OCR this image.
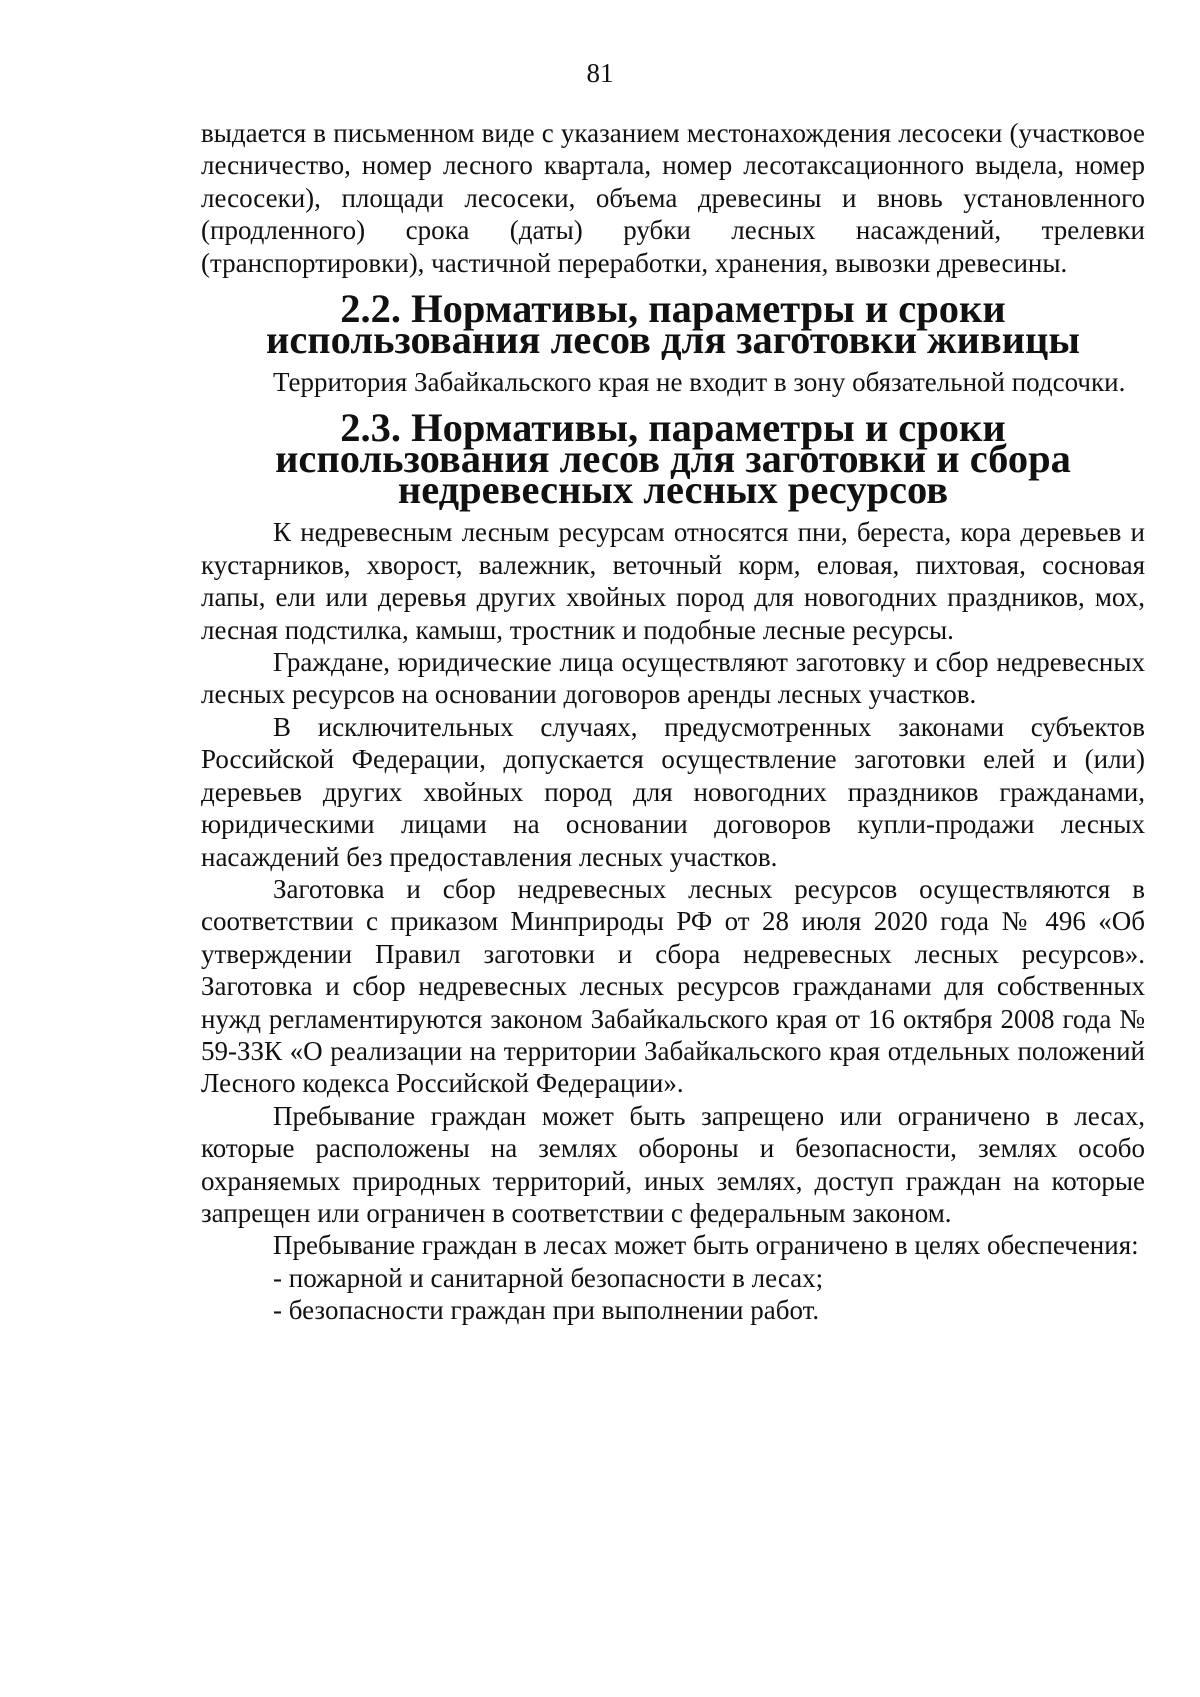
81

выдается в письменном виде с указанием местонахождения лесосеки (участковое лесничество, номер лесного квартала, номер лесотаксационного выдела, номер лесосеки), площади лесосеки, объема древесины и вновь установленного (продленного) срока (даты) рубки лесных насаждений, трелевки (транспортировки), частичной переработки, хранения, вывозки древесины.

2.2. Нормативы, параметры и сроки использования лесов для заготовки живицы

Территория Забайкальского края не входит в зону обязательной подсочки.

2.3. Нормативы, параметры и сроки использования лесов для заготовки и сбора недревесных лесных ресурсов

К недревесным лесным ресурсам относятся пни, береста, кора деревьев и кустарников, хворост, валежник, веточный корм, еловая, пихтовая, сосновая лапы, ели или деревья других хвойных пород для новогодних праздников, мох, лесная подстилка, камыш, тростник и подобные лесные ресурсы.

Граждане, юридические лица осуществляют заготовку и сбор недревесных лесных ресурсов на основании договоров аренды лесных участков.

В исключительных случаях, предусмотренных законами субъектов Российской Федерации, допускается осуществление заготовки елей и (или) деревьев других хвойных пород для новогодних праздников гражданами, юридическими лицами на основании договоров купли-продажи лесных насаждений без предоставления лесных участков.

Заготовка и сбор недревесных лесных ресурсов осуществляются в соответствии с приказом Минприроды РФ от 28 июля 2020 года № 496 «Об утверждении Правил заготовки и сбора недревесных лесных ресурсов». Заготовка и сбор недревесных лесных ресурсов гражданами для собственных нужд регламентируются законом Забайкальского края от 16 октября 2008 года № 59-ЗЗК «О реализации на территории Забайкальского края отдельных положений Лесного кодекса Российской Федерации».

Пребывание граждан может быть запрещено или ограничено в лесах, которые расположены на землях обороны и безопасности, землях особо охраняемых природных территорий, иных землях, доступ граждан на которые запрещен или ограничен в соответствии с федеральным законом.

Пребывание граждан в лесах может быть ограничено в целях обеспечения:

- пожарной и санитарной безопасности в лесах;

- безопасности граждан при выполнении работ.
